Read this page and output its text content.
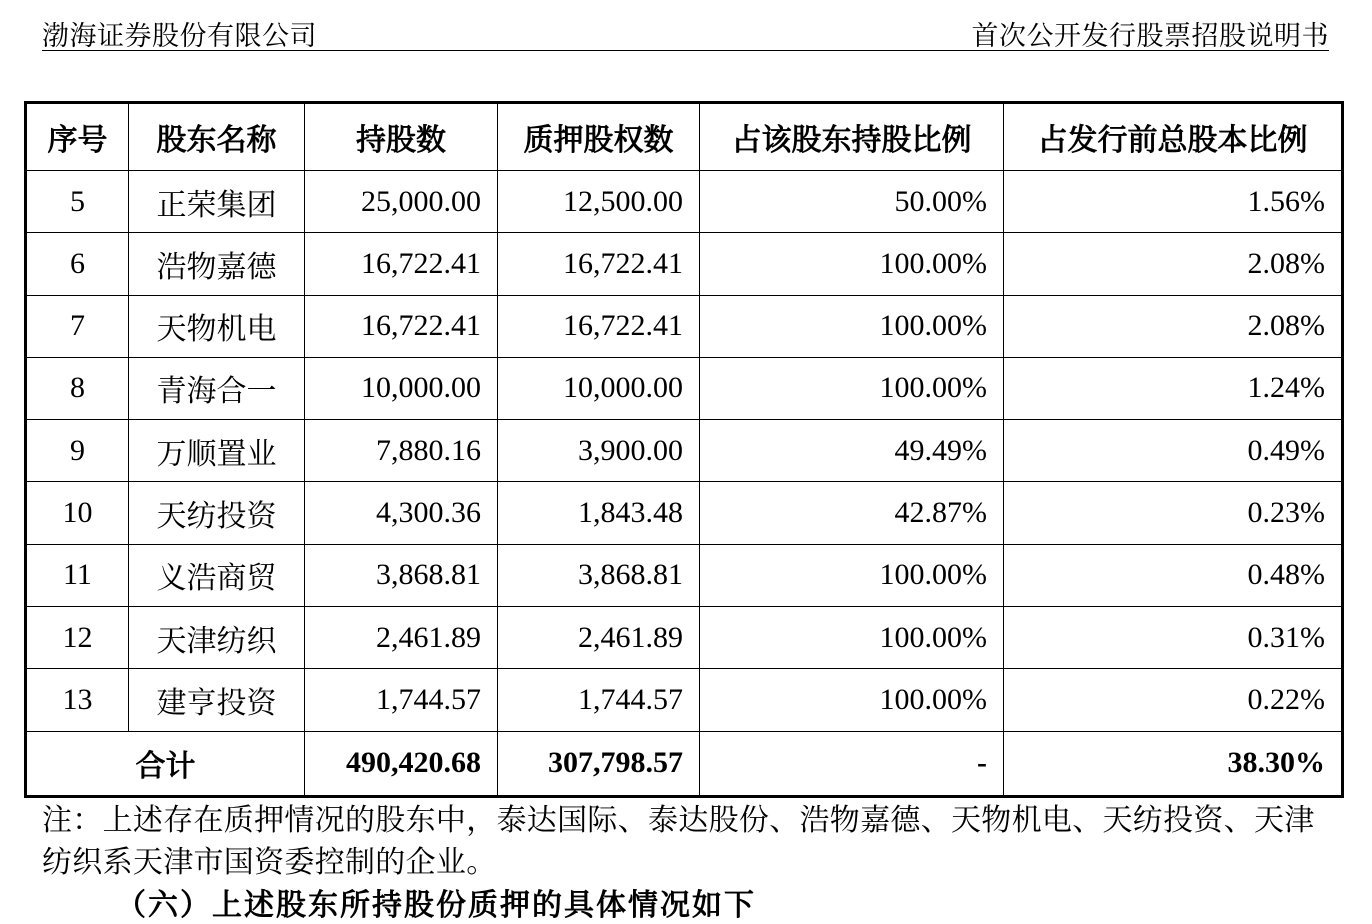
渤海证券股份有限公司	首次公开发行股票招股说明书
序号	股东名称	持股数	质押股权数	占该股东持股比例	占发行前总股本比例
5	正荣集团	25,000.00	12,500.00	50.00%	1.56%
6	浩物嘉德	16,722.41	16,722.41	100.00%	2.08%
7	天物机电	16,722.41	16,722.41	100.00%	2.08%
8	青海合一	10,000.00	10,000.00	100.00%	1.24%
9	万顺置业	7,880.16	3,900.00	49.49%	0.49%
10	天纺投资	4,300.36	1,843.48	42.87%	0.23%
11	义浩商贸	3,868.81	3,868.81	100.00%	0.48%
12	天津纺织	2,461.89	2,461.89	100.00%	0.31%
13	建亨投资	1,744.57	1,744.57	100.00%	0.22%
合计		490,420.68	307,798.57	-	38.30%
注：上述存在质押情况的股东中，泰达国际、泰达股份、浩物嘉德、天物机电、天纺投资、天津纺织系天津市国资委控制的企业。
（六）上述股东所持股份质押的具体情况如下
